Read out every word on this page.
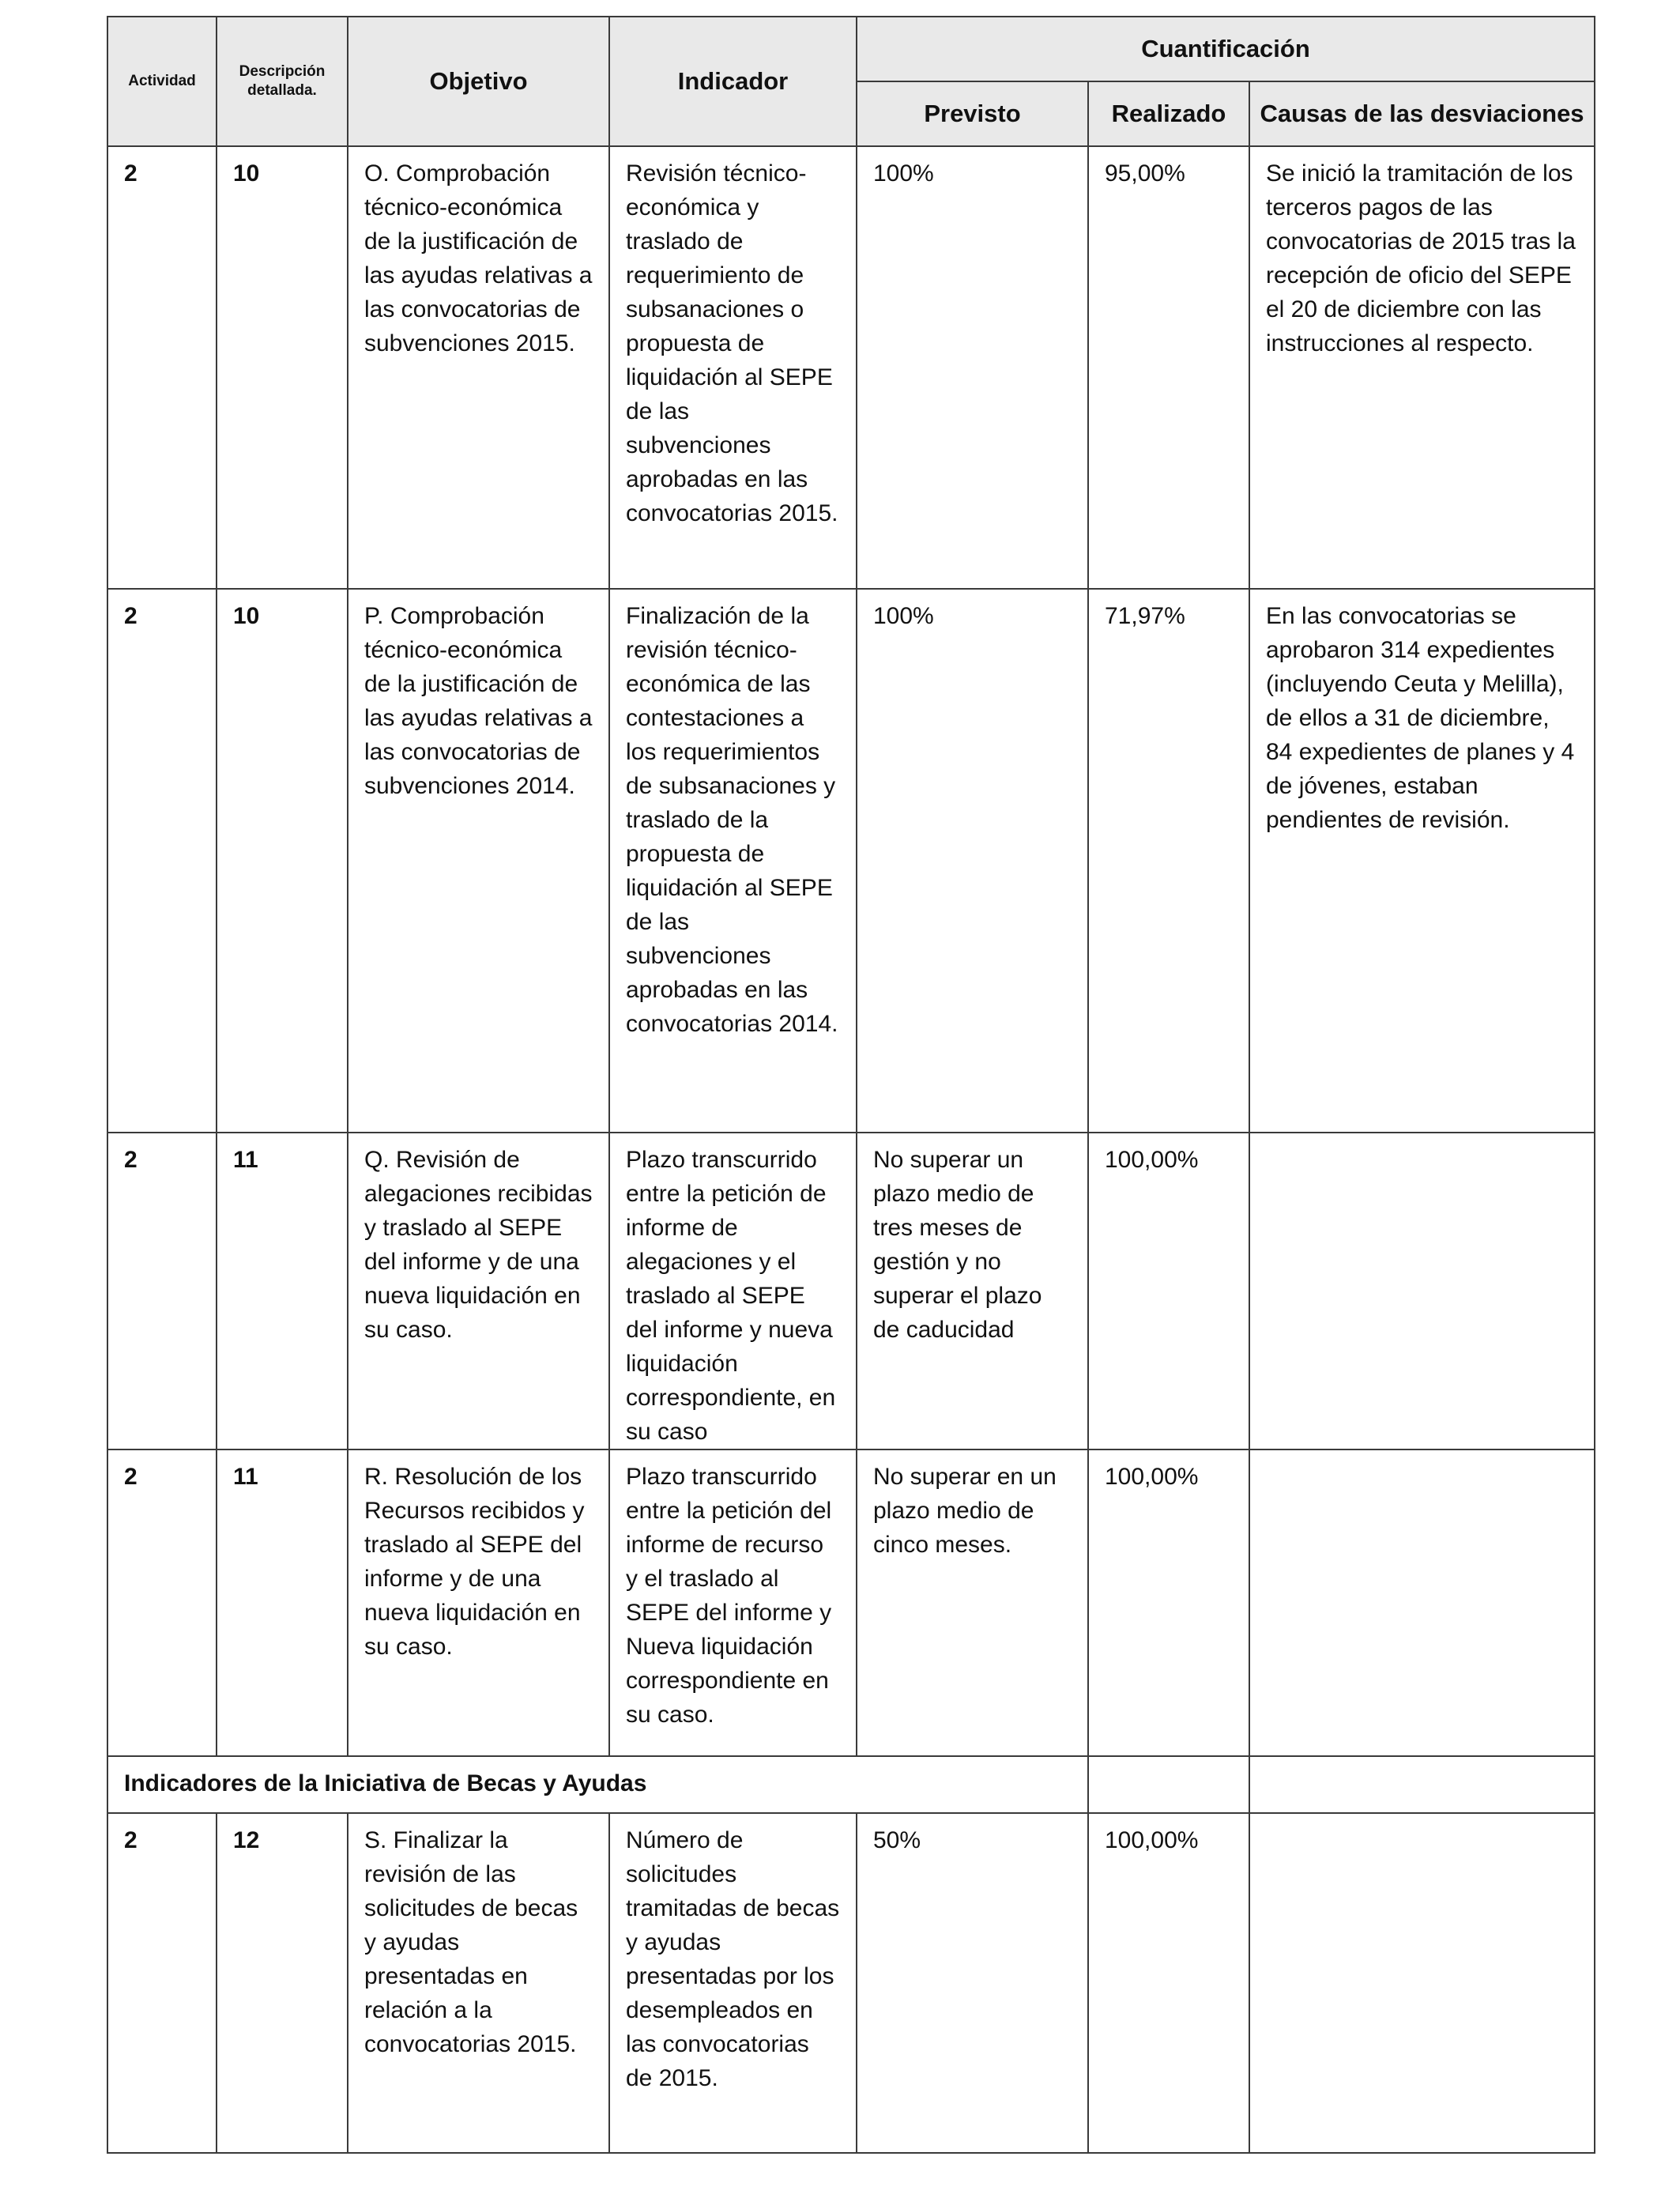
Actividad	Descripción detallada.	Objetivo	Indicador	Cuantificación		
				Previsto	Realizado	Causas de las desviaciones
2	10	O. Comprobación técnico-económica de la justificación de las ayudas relativas a las convocatorias de subvenciones 2015.	Revisión técnico-económica y traslado de requerimiento de subsanaciones o propuesta de liquidación al SEPE de las subvenciones aprobadas en las convocatorias 2015.	100%	95,00%	Se inició la tramitación de los terceros pagos de las convocatorias de 2015 tras la recepción de oficio del SEPE el 20 de diciembre con las instrucciones al respecto.
2	10	P. Comprobación técnico-económica de la justificación de las ayudas relativas a las convocatorias de subvenciones 2014.	Finalización de la revisión técnico-económica de las contestaciones a los requerimientos de subsanaciones y traslado de la propuesta de liquidación al SEPE de las subvenciones aprobadas en las convocatorias 2014.	100%	71,97%	En las convocatorias se aprobaron 314 expedientes (incluyendo Ceuta y Melilla), de ellos a 31 de diciembre, 84 expedientes de planes y 4 de jóvenes, estaban pendientes de revisión.
2	11	Q. Revisión de alegaciones recibidas y traslado al SEPE del informe y de una nueva liquidación en su caso.	Plazo transcurrido entre la petición de informe de alegaciones y el traslado al SEPE del informe y nueva liquidación correspondiente, en su caso	No superar un plazo medio de tres meses de gestión y no superar el plazo de caducidad	100,00%	
2	11	R. Resolución de los Recursos recibidos y traslado al SEPE del informe y de una nueva liquidación en su caso.	Plazo transcurrido entre la petición del informe de recurso y el traslado al SEPE del informe y Nueva liquidación correspondiente en su caso.	No superar en un plazo medio de cinco meses.	100,00%	
Indicadores de la Iniciativa de Becas y Ayudas						
2	12	S. Finalizar la revisión de las solicitudes de becas y ayudas presentadas en relación a la convocatorias 2015.	Número de solicitudes tramitadas de becas y ayudas presentadas por los desempleados en las convocatorias de 2015.	50%	100,00%	
